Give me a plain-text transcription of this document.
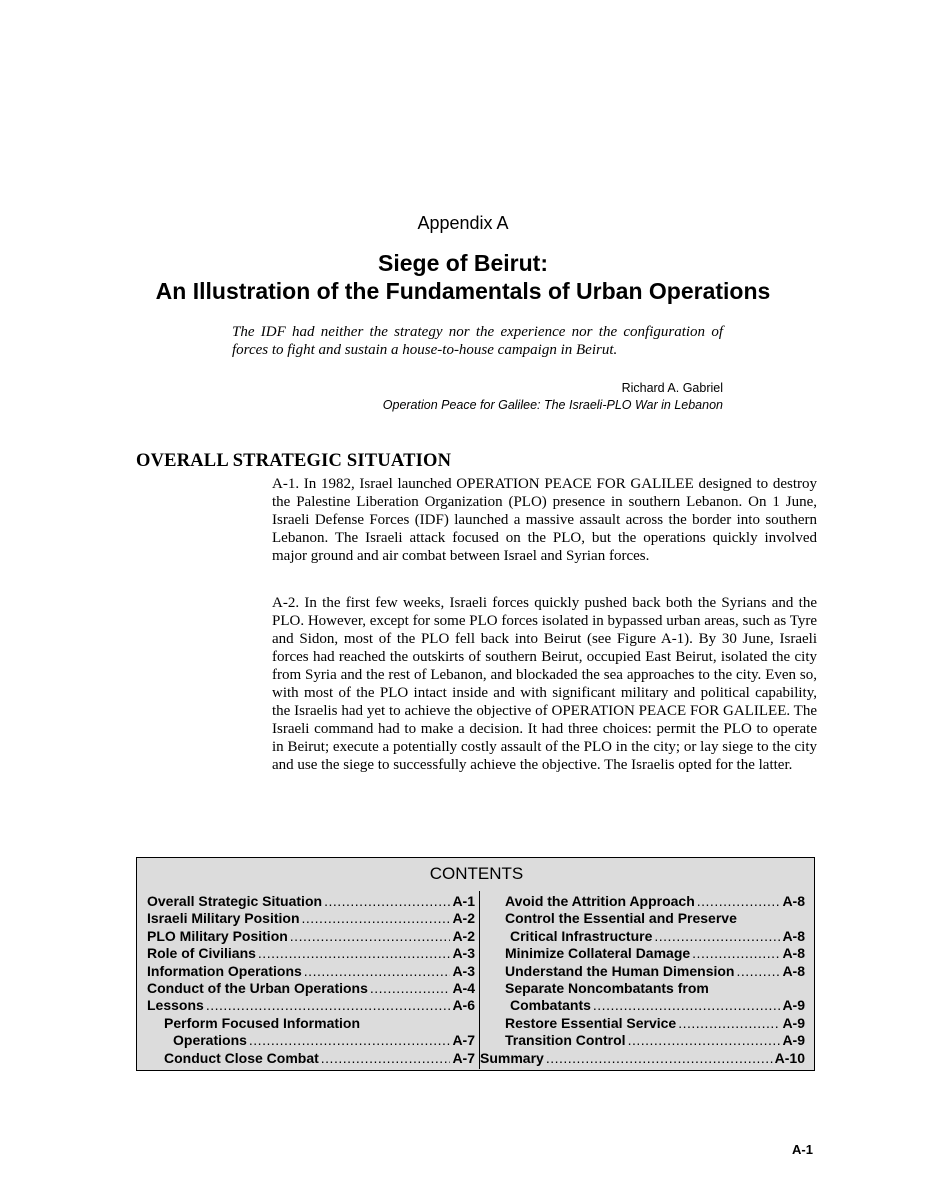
Appendix A
Siege of Beirut:
An Illustration of the Fundamentals of Urban Operations

The IDF had neither the strategy nor the experience nor the configuration of forces to fight and sustain a house-to-house campaign in Beirut.

Richard A. Gabriel
Operation Peace for Galilee: The Israeli-PLO War in Lebanon
OVERALL STRATEGIC SITUATION

A-1. In 1982, Israel launched OPERATION PEACE FOR GALILEE designed to destroy the Palestine Liberation Organization (PLO) presence in southern Lebanon. On 1 June, Israeli Defense Forces (IDF) launched a massive assault across the border into southern Lebanon. The Israeli attack focused on the PLO, but the operations quickly involved major ground and air combat between Israel and Syrian forces.

A-2. In the first few weeks, Israeli forces quickly pushed back both the Syrians and the PLO. However, except for some PLO forces isolated in bypassed urban areas, such as Tyre and Sidon, most of the PLO fell back into Beirut (see Figure A-1). By 30 June, Israeli forces had reached the outskirts of southern Beirut, occupied East Beirut, isolated the city from Syria and the rest of Lebanon, and blockaded the sea approaches to the city. Even so, with most of the PLO intact inside and with significant military and political capability, the Israelis had yet to achieve the objective of OPERATION PEACE FOR GALILEE. The Israeli command had to make a decision. It had three choices: permit the PLO to operate in Beirut; execute a potentially costly assault of the PLO in the city; or lay siege to the city and use the siege to successfully achieve the objective. The Israelis opted for the latter.

CONTENTS
Overall Strategic Situation .....	A-1
Israeli Military Position .....	A-2
PLO Military Position .....	A-2
Role of Civilians .....	A-3
Information Operations .....	A-3
Conduct of the Urban Operations .....	A-4
Lessons .....	A-6
Perform Focused Information
Operations .....	A-7
Conduct Close Combat .....	A-7
Avoid the Attrition Approach .....	A-8
Control the Essential and Preserve
Critical Infrastructure .....	A-8
Minimize Collateral Damage .....	A-8
Understand the Human Dimension .....	A-8
Separate Noncombatants from
Combatants .....	A-9
Restore Essential Service .....	A-9
Transition Control .....	A-9
Summary .....	A-10
A-1
